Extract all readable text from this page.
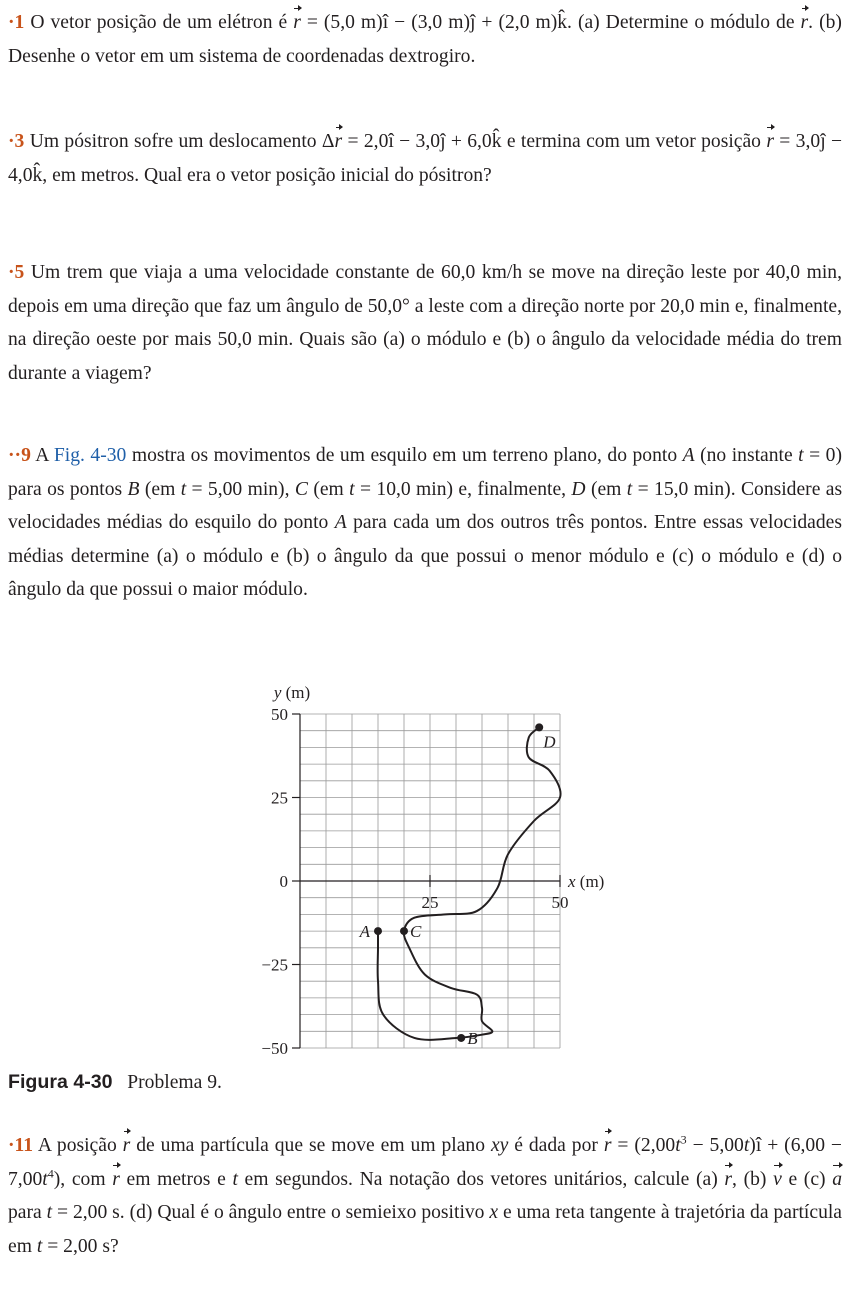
·1 O vetor posição de um elétron é r = (5,0 m)î − (3,0 m)ĵ + (2,0 m)k̂. (a) Determine o módulo de r. (b) Desenhe o vetor em um sistema de coordenadas dextrogiro.

·3 Um pósitron sofre um deslocamento Δr = 2,0î − 3,0ĵ + 6,0k̂ e termina com um vetor posição r = 3,0ĵ − 4,0k̂, em metros. Qual era o vetor posição inicial do pósitron?

·5 Um trem que viaja a uma velocidade constante de 60,0 km/h se move na direção leste por 40,0 min, depois em uma direção que faz um ângulo de 50,0° a leste com a direção norte por 20,0 min e, finalmente, na direção oeste por mais 50,0 min. Quais são (a) o módulo e (b) o ângulo da velocidade média do trem durante a viagem?

··9 A Fig. 4-30 mostra os movimentos de um esquilo em um terreno plano, do ponto A (no instante t = 0) para os pontos B (em t = 5,00 min), C (em t = 10,0 min) e, finalmente, D (em t = 15,0 min). Considere as velocidades médias do esquilo do ponto A para cada um dos outros três pontos. Entre essas velocidades médias determine (a) o módulo e (b) o ângulo da que possui o menor módulo e (c) o módulo e (d) o ângulo da que possui o maior módulo.

50
25
0
−25
−50
25	50
y (m)
x (m)
A
B
C
D
Figura 4-30 Problema 9.

·11 A posição r de uma partícula que se move em um plano xy é dada por $r = (2,00t^3$ − 5,00t)î + $(6,00 - 7,00t^4)$, com r em metros e t em segundos. Na notação dos vetores unitários, calcule (a) r, (b) v e (c) a para t = 2,00 s. (d) Qual é o ângulo entre o semieixo positivo x e uma reta tangente à trajetória da partícula em t = 2,00 s?
